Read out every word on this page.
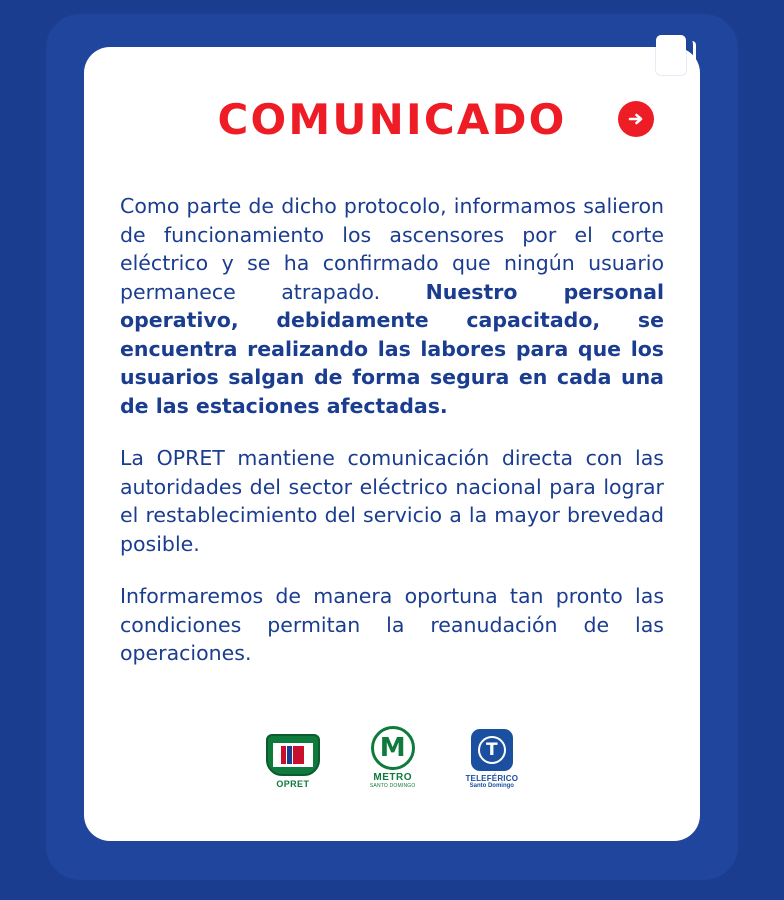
COMUNICADO

Como parte de dicho protocolo, informamos salieron de funcionamiento los ascensores por el corte eléctrico y se ha confirmado que ningún usuario permanece atrapado. Nuestro personal operativo, debidamente capacitado, se encuentra realizando las labores para que los usuarios salgan de forma segura en cada una de las estaciones afectadas.

La OPRET mantiene comunicación directa con las autoridades del sector eléctrico nacional para lograr el restablecimiento del servicio a la mayor brevedad posible.

Informaremos de manera oportuna tan pronto las condiciones permitan la reanudación de las operaciones.

OPRET
M
METRO
SANTO DOMINGO
T
TELEFÉRICO
Santo Domingo
